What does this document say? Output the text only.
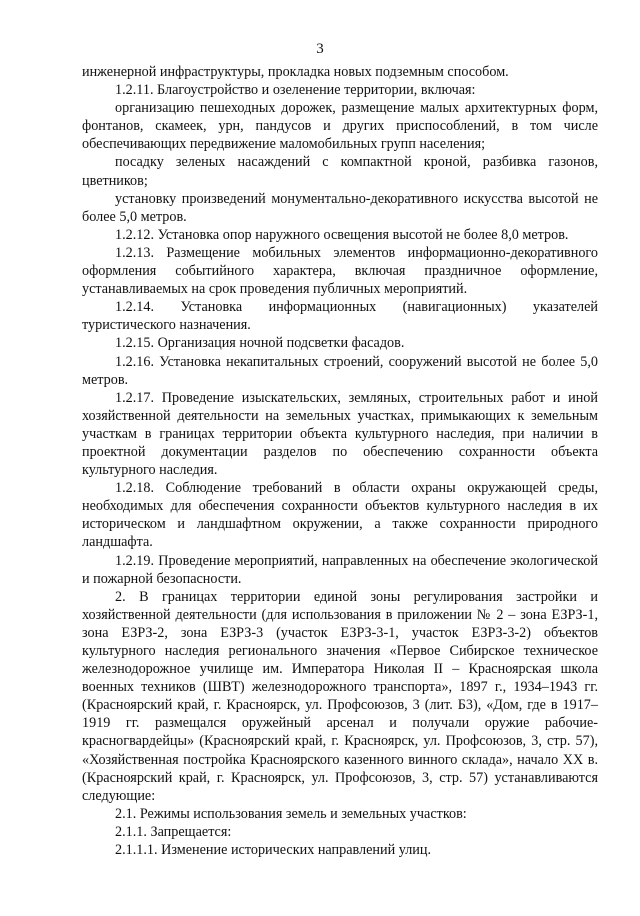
3

инженерной инфраструктуры, прокладка новых подземным способом.

1.2.11. Благоустройство и озеленение территории, включая:

организацию пешеходных дорожек, размещение малых архитектурных форм, фонтанов, скамеек, урн, пандусов и других приспособлений, в том числе обеспечивающих передвижение маломобильных групп населения;

посадку зеленых насаждений с компактной кроной, разбивка газонов, цветников;

установку произведений монументально-декоративного искусства высотой не более 5,0 метров.

1.2.12. Установка опор наружного освещения высотой не более 8,0 метров.

1.2.13. Размещение мобильных элементов информационно-декоративного оформления событийного характера, включая праздничное оформление, устанавливаемых на срок проведения публичных мероприятий.

1.2.14. Установка информационных (навигационных) указателей туристического назначения.

1.2.15. Организация ночной подсветки фасадов.

1.2.16. Установка некапитальных строений, сооружений высотой не более 5,0 метров.

1.2.17. Проведение изыскательских, земляных, строительных работ и иной хозяйственной деятельности на земельных участках, примыкающих к земельным участкам в границах территории объекта культурного наследия, при наличии в проектной документации разделов по обеспечению сохранности объекта культурного наследия.

1.2.18. Соблюдение требований в области охраны окружающей среды, необходимых для обеспечения сохранности объектов культурного наследия в их историческом и ландшафтном окружении, а также сохранности природного ландшафта.

1.2.19. Проведение мероприятий, направленных на обеспечение экологической и пожарной безопасности.

2. В границах территории единой зоны регулирования застройки и хозяйственной деятельности (для использования в приложении № 2 – зона ЕЗРЗ-1, зона ЕЗРЗ-2, зона ЕЗРЗ-3 (участок ЕЗРЗ-3-1, участок ЕЗРЗ-3-2) объектов культурного наследия регионального значения «Первое Сибирское техническое железнодорожное училище им. Императора Николая II – Красноярская школа военных техников (ШВТ) железнодорожного транспорта», 1897 г., 1934–1943 гг. (Красноярский край, г. Красноярск, ул. Профсоюзов, 3 (лит. Б3), «Дом, где в 1917–1919 гг. размещался оружейный арсенал и получали оружие рабочие-красногвардейцы» (Красноярский край, г. Красноярск, ул. Профсоюзов, 3, стр. 57), «Хозяйственная постройка Красноярского казенного винного склада», начало XX в. (Красноярский край, г. Красноярск, ул. Профсоюзов, 3, стр. 57) устанавливаются следующие:

2.1. Режимы использования земель и земельных участков:

2.1.1. Запрещается:

2.1.1.1. Изменение исторических направлений улиц.
